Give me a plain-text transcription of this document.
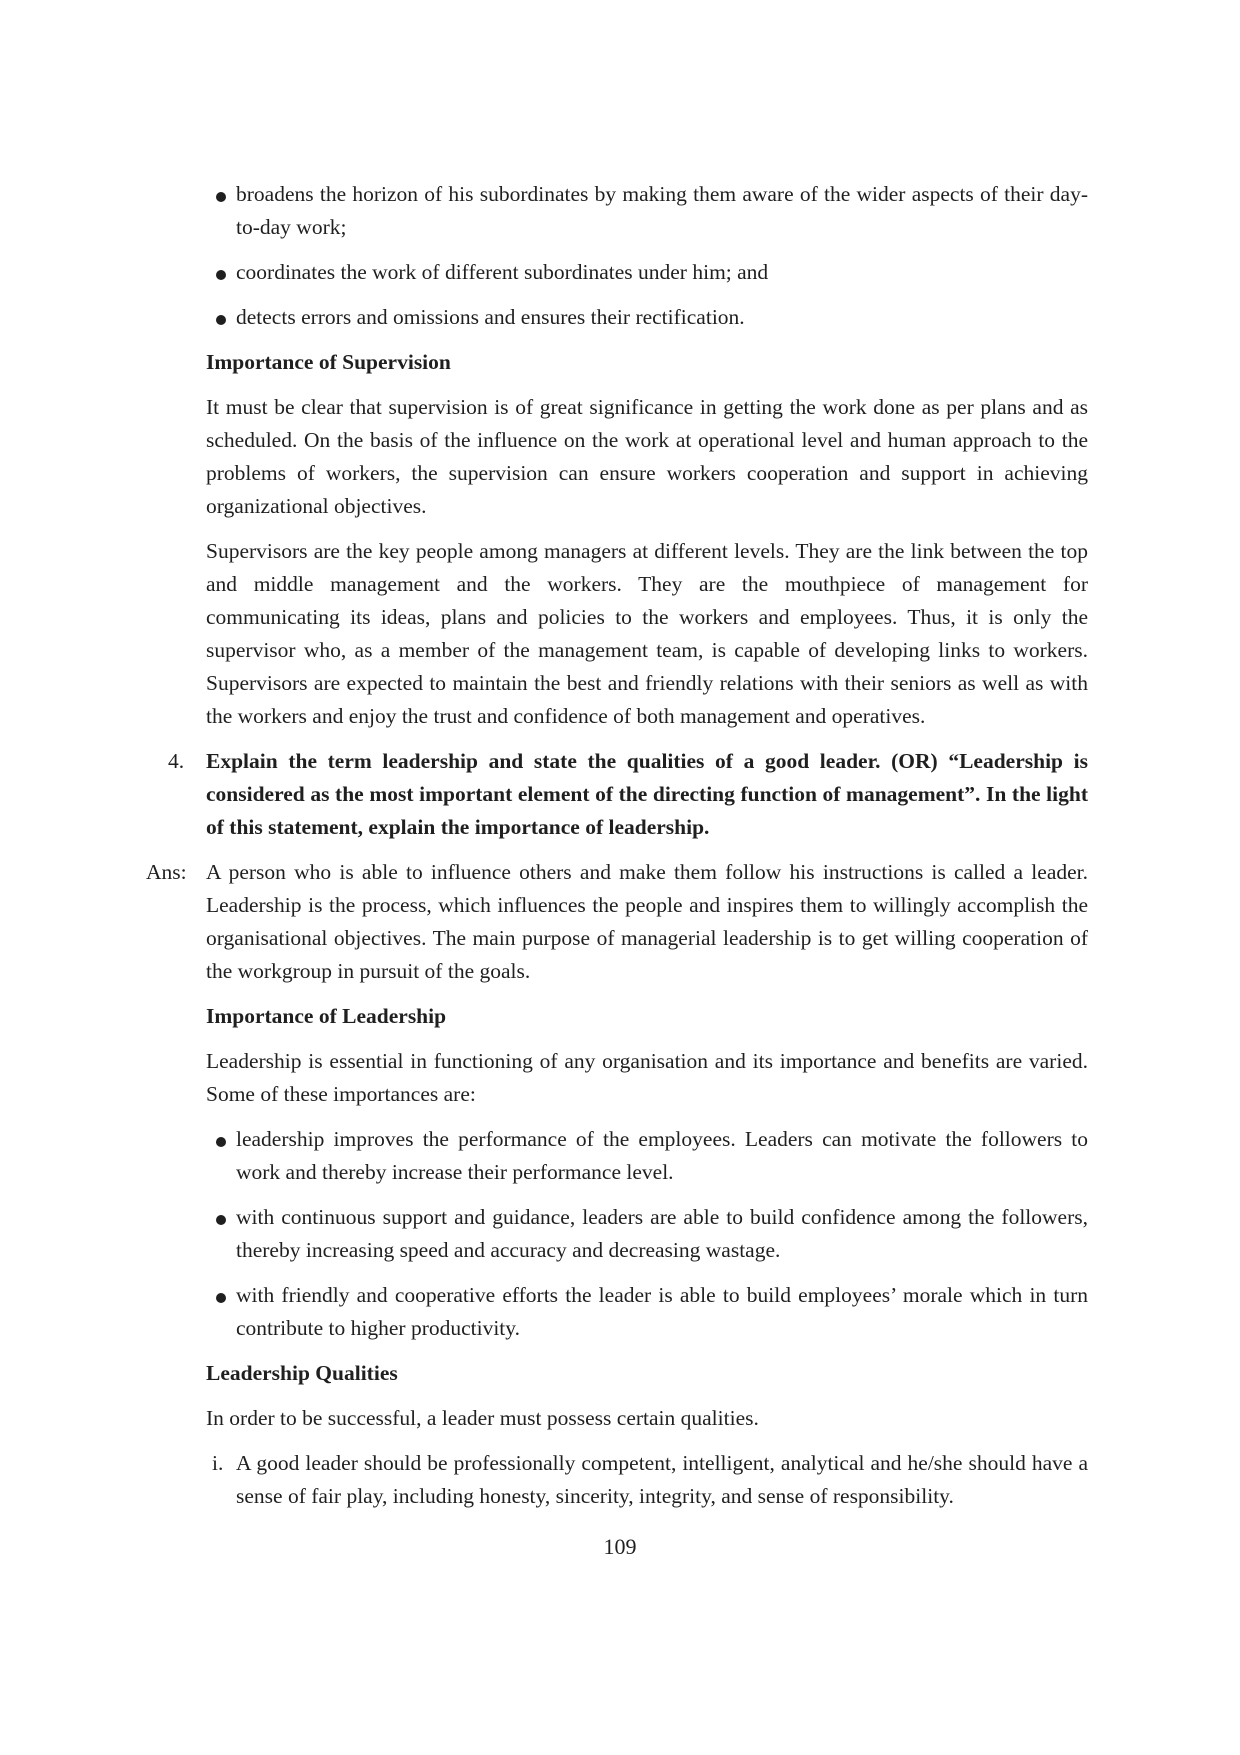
broadens the horizon of his subordinates by making them aware of the wider aspects of their day-to-day work;
coordinates the work of different subordinates under him; and
detects errors and omissions and ensures their rectification.

Importance of Supervision

It must be clear that supervision is of great significance in getting the work done as per plans and as scheduled. On the basis of the influence on the work at operational level and human approach to the problems of workers, the supervision can ensure workers cooperation and support in achieving organizational objectives.

Supervisors are the key people among managers at different levels. They are the link between the top and middle management and the workers. They are the mouthpiece of management for communicating its ideas, plans and policies to the workers and employees. Thus, it is only the supervisor who, as a member of the management team, is capable of developing links to workers. Supervisors are expected to maintain the best and friendly relations with their seniors as well as with the workers and enjoy the trust and confidence of both management and operatives.

4. Explain the term leadership and state the qualities of a good leader. (OR) “Leadership is considered as the most important element of the directing function of management”. In the light of this statement, explain the importance of leadership.
Ans: A person who is able to influence others and make them follow his instructions is called a leader. Leadership is the process, which influences the people and inspires them to willingly accomplish the organisational objectives. The main purpose of managerial leadership is to get willing cooperation of the workgroup in pursuit of the goals.

Importance of Leadership

Leadership is essential in functioning of any organisation and its importance and benefits are varied. Some of these importances are:

leadership improves the performance of the employees. Leaders can motivate the followers to work and thereby increase their performance level.
with continuous support and guidance, leaders are able to build confidence among the followers, thereby increasing speed and accuracy and decreasing wastage.
with friendly and cooperative efforts the leader is able to build employees’ morale which in turn contribute to higher productivity.

Leadership Qualities

In order to be successful, a leader must possess certain qualities.

i. A good leader should be professionally competent, intelligent, analytical and he/she should have a sense of fair play, including honesty, sincerity, integrity, and sense of responsibility.
109
